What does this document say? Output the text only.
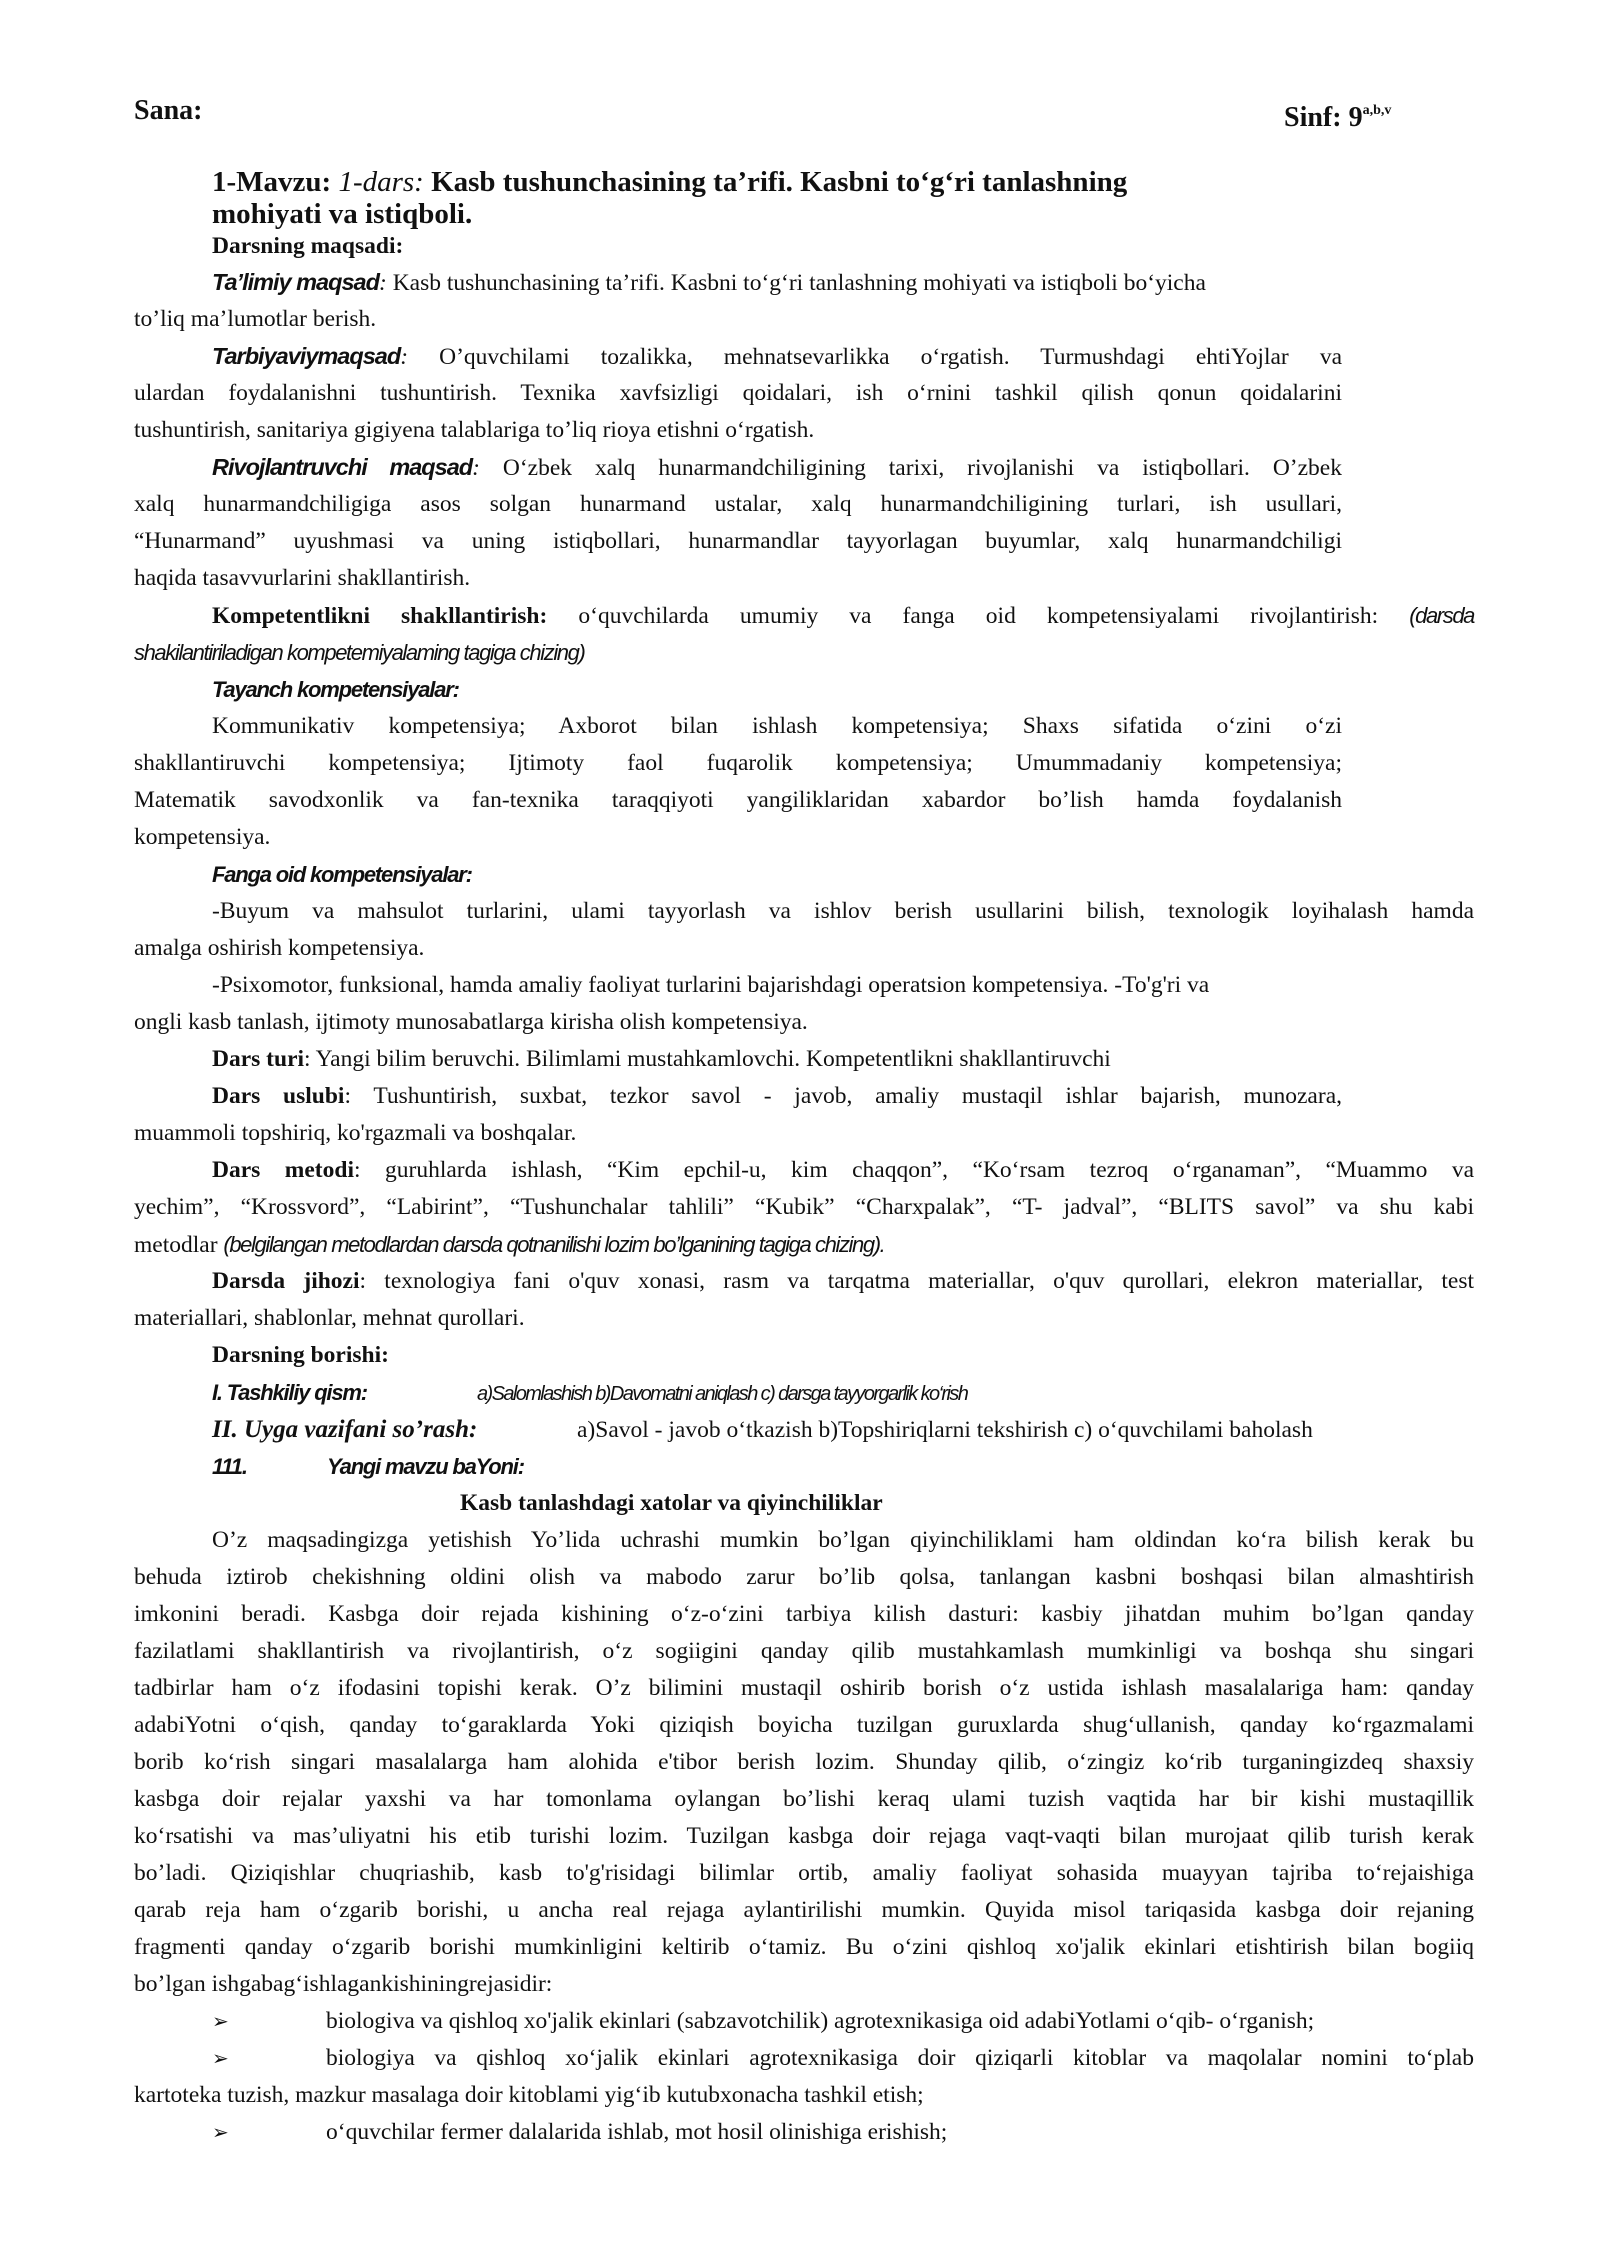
Sana:	Sinf: 9$^{a,b,v}$
1-Mavzu: 1-dars: Kasb tushunchasining ta’rifi. Kasbni to‘g‘ri tanlashning
mohiyati va istiqboli.
Darsning maqsadi:
Ta’limiy maqsad: Kasb tushunchasining ta’rifi. Kasbni to‘g‘ri tanlashning mohiyati va istiqboli bo‘yicha
to’liq ma’lumotlar berish.
Tarbiyaviymaqsad: O’quvchilami tozalikka, mehnatsevarlikka o‘rgatish. Turmushdagi ehtiYojlar va
ulardan foydalanishni tushuntirish. Texnika xavfsizligi qoidalari, ish o‘rnini tashkil qilish qonun qoidalarini
tushuntirish, sanitariya gigiyena talablariga to’liq rioya etishni o‘rgatish.
Rivojlantruvchi maqsad: O‘zbek xalq hunarmandchiligining tarixi, rivojlanishi va istiqbollari. O’zbek
xalq hunarmandchiligiga asos solgan hunarmand ustalar, xalq hunarmandchiligining turlari, ish usullari,
“Hunarmand” uyushmasi va uning istiqbollari, hunarmandlar tayyorlagan buyumlar, xalq hunarmandchiligi
haqida tasavvurlarini shakllantirish.
Kompetentlikni shakllantirish: o‘quvchilarda umumiy va fanga oid kompetensiyalami rivojlantirish: (darsda
shakilantiriladigan kompetemiyalaming tagiga chizing)
Tayanch kompetensiyalar:
Kommunikativ kompetensiya; Axborot bilan ishlash kompetensiya; Shaxs sifatida o‘zini o‘zi
shakllantiruvchi kompetensiya; Ijtimoty faol fuqarolik kompetensiya; Umummadaniy kompetensiya;
Matematik savodxonlik va fan-texnika taraqqiyoti yangiliklaridan xabardor bo’lish hamda foydalanish
kompetensiya.
Fanga oid kompetensiyalar:
-Buyum va mahsulot turlarini, ulami tayyorlash va ishlov berish usullarini bilish, texnologik loyihalash hamda
amalga oshirish kompetensiya.
-Psixomotor, funksional, hamda amaliy faoliyat turlarini bajarishdagi operatsion kompetensiya. -To'g'ri va
ongli kasb tanlash, ijtimoty munosabatlarga kirisha olish kompetensiya.
Dars turi: Yangi bilim beruvchi. Bilimlami mustahkamlovchi. Kompetentlikni shakllantiruvchi
Dars uslubi: Tushuntirish, suxbat, tezkor savol - javob, amaliy mustaqil ishlar bajarish, munozara,
muammoli topshiriq, ko'rgazmali va boshqalar.
Dars metodi: guruhlarda ishlash, “Kim epchil-u, kim chaqqon”, “Ko‘rsam tezroq o‘rganaman”, “Muammo va
yechim”, “Krossvord”, “Labirint”, “Tushunchalar tahlili” “Kubik” “Charxpalak”, “T- jadval”, “BLITS savol” va shu kabi
metodlar (belgilangan metodlardan darsda qotnanilishi lozim bo’lganining tagiga chizing).
Darsda jihozi: texnologiya fani o'quv xonasi, rasm va tarqatma materiallar, o'quv qurollari, elekron materiallar, test
materiallari, shablonlar, mehnat qurollari.
Darsning borishi:
I. Tashkiliy qism:	a)Salomlashish b)Davomatni aniqlash c) darsga tayyorgarlik ko‘rish
II. Uyga vazifani so’rash:	a)Savol - javob o‘tkazish b)Topshiriqlarni tekshirish c) o‘quvchilami baholash
111.	Yangi mavzu baYoni:
Kasb tanlashdagi xatolar va qiyinchiliklar
O’z maqsadingizga yetishish Yo’lida uchrashi mumkin bo’lgan qiyinchiliklami ham oldindan ko‘ra bilish kerak bu
behuda iztirob chekishning oldini olish va mabodo zarur bo’lib qolsa, tanlangan kasbni boshqasi bilan almashtirish
imkonini beradi. Kasbga doir rejada kishining o‘z-o‘zini tarbiya kilish dasturi: kasbiy jihatdan muhim bo’lgan qanday
fazilatlami shakllantirish va rivojlantirish, o‘z sogiigini qanday qilib mustahkamlash mumkinligi va boshqa shu singari
tadbirlar ham o‘z ifodasini topishi kerak. O’z bilimini mustaqil oshirib borish o‘z ustida ishlash masalalariga ham: qanday
adabiYotni o‘qish, qanday to‘garaklarda Yoki qiziqish boyicha tuzilgan guruxlarda shug‘ullanish, qanday ko‘rgazmalami
borib ko‘rish singari masalalarga ham alohida e'tibor berish lozim. Shunday qilib, o‘zingiz ko‘rib turganingizdeq shaxsiy
kasbga doir rejalar yaxshi va har tomonlama oylangan bo’lishi keraq ulami tuzish vaqtida har bir kishi mustaqillik
ko‘rsatishi va mas’uliyatni his etib turishi lozim. Tuzilgan kasbga doir rejaga vaqt-vaqti bilan murojaat qilib turish kerak
bo’ladi. Qiziqishlar chuqriashib, kasb to'g'risidagi bilimlar ortib, amaliy faoliyat sohasida muayyan tajriba to‘rejaishiga
qarab reja ham o‘zgarib borishi, u ancha real rejaga aylantirilishi mumkin. Quyida misol tariqasida kasbga doir rejaning
fragmenti qanday o‘zgarib borishi mumkinligini keltirib o‘tamiz. Bu o‘zini qishloq xo'jalik ekinlari etishtirish bilan bogiiq
bo’lgan ishgabag‘ishlagankishiningrejasidir:
➢	biologiva va qishloq xo'jalik ekinlari (sabzavotchilik) agrotexnikasiga oid adabiYotlami o‘qib- o‘rganish;
➢	biologiya va qishloq xo‘jalik ekinlari agrotexnikasiga doir qiziqarli kitoblar va maqolalar nomini to‘plab
kartoteka tuzish, mazkur masalaga doir kitoblami yig‘ib kutubxonacha tashkil etish;
➢	o‘quvchilar fermer dalalarida ishlab, mot hosil olinishiga erishish;
